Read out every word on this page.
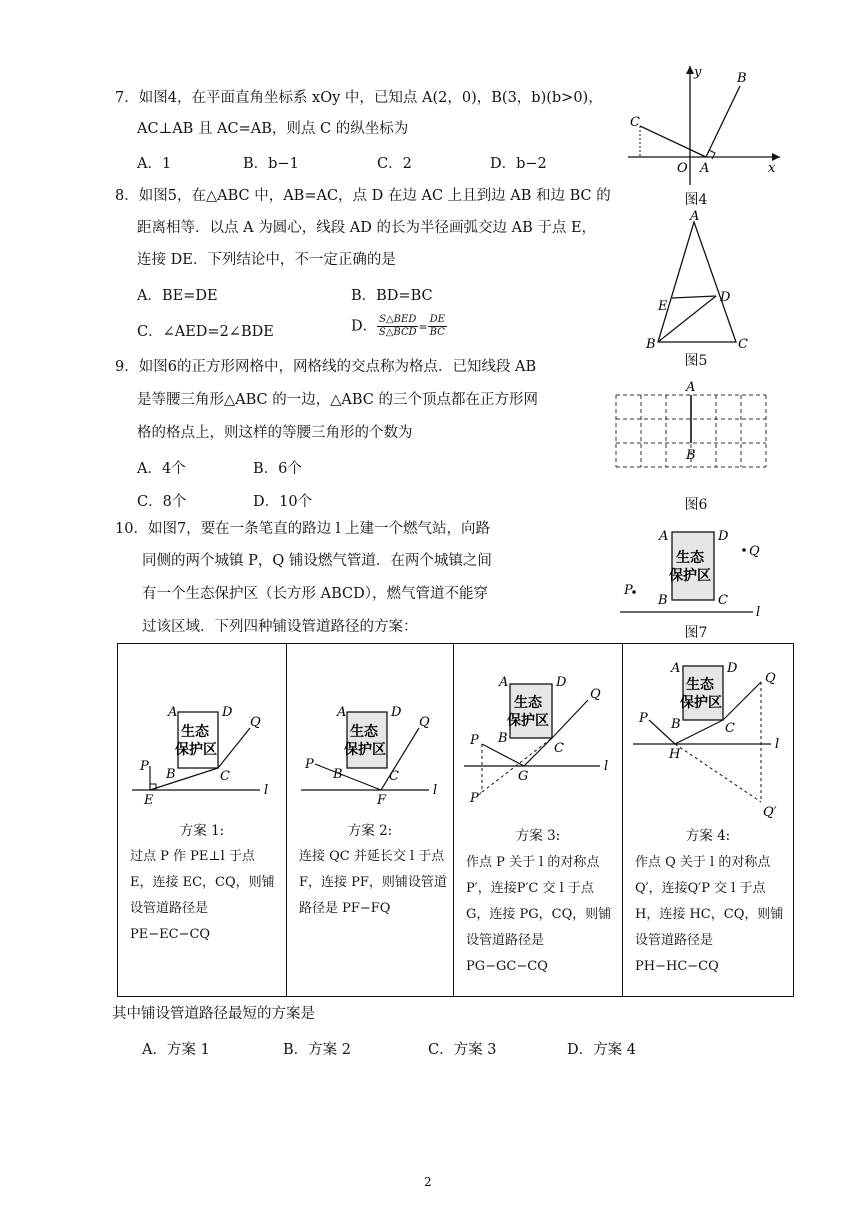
7．如图4，在平面直角坐标系 xOy 中，已知点 A(2，0)，B(3，b)(b>0)，
AC⊥AB 且 AC=AB，则点 C 的纵坐标为
A．1	B．b−1	C．2	D．b−2
y
x
O A
B
C
图4
8．如图5，在△ABC 中，AB=AC，点 D 在边 AC 上且到边 AB 和边 BC 的
距离相等．以点 A 为圆心，线段 AD 的长为半径画弧交边 AB 于点 E，
连接 DE．下列结论中，不一定正确的是
A．BE=DE	B．BD=BC
C．∠AED=2∠BDE	D． $\frac{\text{S△BED}}{\text{S△BCD}} = \frac{DE}{BC}$
A
B	C
D
E
图5
9．如图6的正方形网格中，网格线的交点称为格点．已知线段 AB
是等腰三角形△ABC 的一边，△ABC 的三个顶点都在正方形网
格的格点上，则这样的等腰三角形的个数为
A．4个	B．6个
C．8个	D．10个
A
B
图6
10．如图7，要在一条笔直的路边 l 上建一个燃气站，向路
同侧的两个城镇 P，Q 铺设燃气管道．在两个城镇之间
有一个生态保护区（长方形 ABCD），燃气管道不能穿
过该区域．下列四种铺设管道路径的方案：
生态
保护区
A	D
B	C
P
Q
l
图7
生态
保护区
A	D
B	C
P
Q
E
l
方案 1:
过点 P 作 PE⊥l 于点 E，连接 EC，CQ，则铺设管道路径是 PE−EC−CQ

生态
保护区
A	D
B	C
P
Q
F
l
方案 2:
连接 QC 并延长交 l 于点 F，连接 PF，则铺设管道路径是 PF−FQ

生态
保护区
A	D
B
C
P
Q
G
P′
l
方案 3:
作点 P 关于 l 的对称点 P′，连接P′C 交 l 于点 G，连接 PG，CQ，则铺设管道路径是 PG−GC−CQ

生态
保护区
A	D
B	C
P
Q
H
Q′
l
方案 4:
作点 Q 关于 l 的对称点 Q′，连接Q′P 交 l 于点 H，连接 HC，CQ，则铺设管道路径是 PH−HC−CQ
其中铺设管道路径最短的方案是
A．方案 1	B．方案 2	C．方案 3	D．方案 4
2
